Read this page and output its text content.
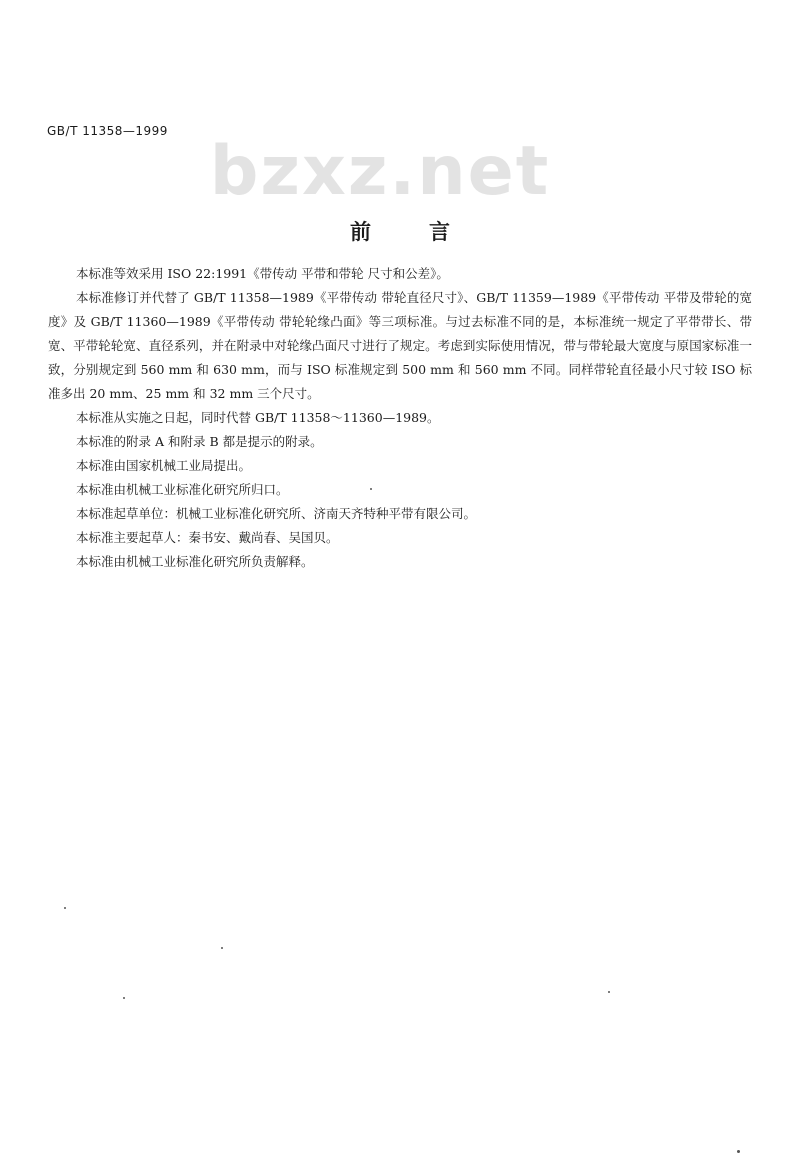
GB/T 11358—1999
bzxz.net
前言

本标准等效采用 ISO 22:1991《带传动 平带和带轮 尺寸和公差》。

本标准修订并代替了 GB/T 11358—1989《平带传动 带轮直径尺寸》、GB/T 11359—1989《平带传动 平带及带轮的宽度》及 GB/T 11360—1989《平带传动 带轮轮缘凸面》等三项标准。与过去标准不同的是，本标准统一规定了平带带长、带宽、平带轮轮宽、直径系列，并在附录中对轮缘凸面尺寸进行了规定。考虑到实际使用情况，带与带轮最大宽度与原国家标准一致，分别规定到 560 mm 和 630 mm，而与 ISO 标准规定到 500 mm 和 560 mm 不同。同样带轮直径最小尺寸较 ISO 标准多出 20 mm、25 mm 和 32 mm 三个尺寸。

本标准从实施之日起，同时代替 GB/T 11358～11360—1989。

本标准的附录 A 和附录 B 都是提示的附录。

本标准由国家机械工业局提出。

本标准由机械工业标准化研究所归口。

本标准起草单位：机械工业标准化研究所、济南天齐特种平带有限公司。

本标准主要起草人：秦书安、戴尚春、吴国贝。

本标准由机械工业标准化研究所负责解释。
